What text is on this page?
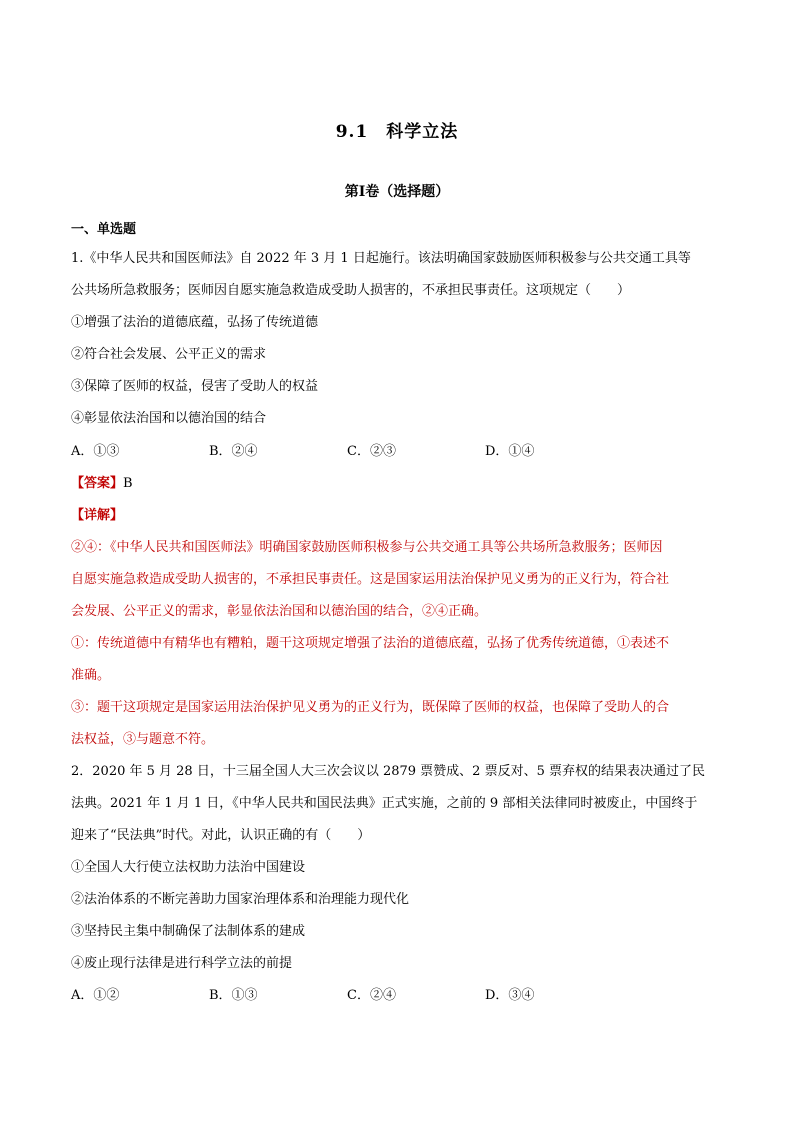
9.1　科学立法
第I卷（选择题）
一、单选题
1.《中华人民共和国医师法》自 2022 年 3 月 1 日起施行。该法明确国家鼓励医师积极参与公共交通工具等
公共场所急救服务；医师因自愿实施急救造成受助人损害的，不承担民事责任。这项规定（　　）
①增强了法治的道德底蕴，弘扬了传统道德
②符合社会发展、公平正义的需求
③保障了医师的权益，侵害了受助人的权益
④彰显依法治国和以德治国的结合
A．①③	B．②④	C．②③	D．①④
【答案】B
【详解】
②④：《中华人民共和国医师法》明确国家鼓励医师积极参与公共交通工具等公共场所急救服务；医师因
自愿实施急救造成受助人损害的，不承担民事责任。这是国家运用法治保护见义勇为的正义行为，符合社
会发展、公平正义的需求，彰显依法治国和以德治国的结合，②④正确。
①：传统道德中有精华也有糟粕，题干这项规定增强了法治的道德底蕴，弘扬了优秀传统道德，①表述不
准确。
③：题干这项规定是国家运用法治保护见义勇为的正义行为，既保障了医师的权益，也保障了受助人的合
法权益，③与题意不符。
2．2020 年 5 月 28 日，十三届全国人大三次会议以 2879 票赞成、2 票反对、5 票弃权的结果表决通过了民
法典。2021 年 1 月 1 日，《中华人民共和国民法典》正式实施，之前的 9 部相关法律同时被废止，中国终于
迎来了“民法典”时代。对此，认识正确的有（　　）
①全国人大行使立法权助力法治中国建设
②法治体系的不断完善助力国家治理体系和治理能力现代化
③坚持民主集中制确保了法制体系的建成
④废止现行法律是进行科学立法的前提
A．①②	B．①③	C．②④	D．③④
